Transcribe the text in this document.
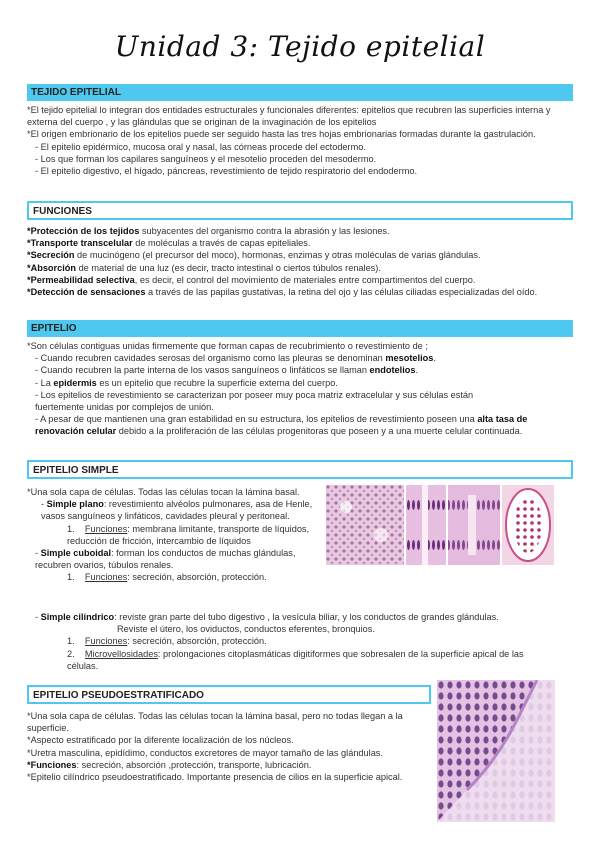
Unidad 3: Tejido epitelial
TEJIDO EPITELIAL

*El tejido epitelial lo integran dos entidades estructurales y funcionales diferentes: epitelios que recubren las superficies interna y externa del cuerpo , y las glándulas que se originan de la invaginación de los epitelios

*El origen embrionario de los epitelios puede ser seguido hasta las tres hojas embrionarias formadas durante la gastrulación.

- El epitelio epidérmico, mucosa oral y nasal, las córneas procede del ectodermo.

- Los que forman los capilares sanguíneos y el mesotelio proceden del mesodermo.

- El epitelio digestivo, el hígado, páncreas, revestimiento de tejido respiratorio del endodermo.

FUNCIONES

*Protección de los tejidos subyacentes del organismo contra la abrasión y las lesiones.

*Transporte transcelular de moléculas a través de capas epiteliales.

*Secreción de mucinógeno (el precursor del moco), hormonas, enzimas y otras moléculas de varias glándulas.

*Absorción de material de una luz (es decir, tracto intestinal o ciertos túbulos renales).

*Permeabilidad selectiva, es decir, el control del movimiento de materiales entre compartimentos del cuerpo.

*Detección de sensaciones a través de las papilas gustativas, la retina del ojo y las células ciliadas especializadas del oído.

EPITELIO

*Son células contiguas unidas firmemente que forman capas de recubrimiento o revestimiento de ;

- Cuando recubren cavidades serosas del organismo como las pleuras se denominan mesotelios.

- Cuando recubren la parte interna de los vasos sanguíneos o linfáticos se llaman endotelios.

- La epidermis es un epitelio que recubre la superficie externa del cuerpo.

- Los epitelios de revestimiento se caracterizan por poseer muy poca matriz extracelular y sus células están fuertemente unidas por complejos de unión.

- A pesar de que mantienen una gran estabilidad en su estructura, los epitelios de revestimiento poseen una alta tasa de renovación celular debido a la proliferación de las células progenitoras que poseen y a una muerte celular continuada.

EPITELIO SIMPLE

*Una sola capa de células. Todas las células tocan la lámina basal.

- Simple plano: revestimiento alvéolos pulmonares, asa de Henle, vasos sanguíneos y linfáticos, cavidades pleural y peritoneal.

1. Funciones: membrana limitante, transporte de líquidos, reducción de fricción, intercambio de líquidos

- Simple cuboidal: forman los conductos de muchas glándulas, recubren ovarios, túbulos renales.

1. Funciones: secreción, absorción, protección.

- Simple cilíndrico: reviste gran parte del tubo digestivo , la vesícula biliar, y los conductos de grandes glándulas.

Reviste el útero, los oviductos, conductos eferentes, bronquios.

1. Funciones: secreción, absorción, protección.

2. Microvellosidades: prolongaciones citoplasmáticas digitiformes que sobresalen de la superficie apical de las células.

EPITELIO PSEUDOESTRATIFICADO

*Una sola capa de células. Todas las células tocan la lámina basal, pero no todas llegan a la superficie.

*Aspecto estratificado por la diferente localización de los núcleos.

*Uretra masculina, epidídimo, conductos excretores de mayor tamaño de las glándulas.

*Funciones: secreción, absorción ,protección, transporte, lubricación.

*Epitelio cilíndrico pseudoestratificado. Importante presencia de cilios en la superficie apical.
